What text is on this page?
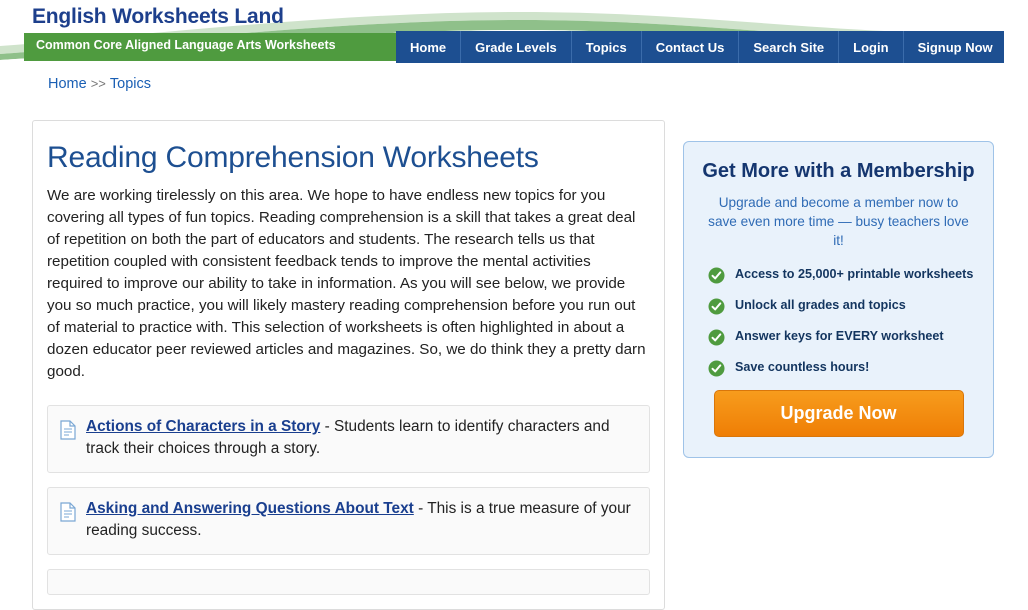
English Worksheets Land
Common Core Aligned Language Arts Worksheets	Home	Grade Levels	Topics	Contact Us	Search Site	Login	Signup Now
Home >> Topics
Reading Comprehension Worksheets

We are working tirelessly on this area. We hope to have endless new topics for you covering all types of fun topics. Reading comprehension is a skill that takes a great deal of repetition on both the part of educators and students. The research tells us that repetition coupled with consistent feedback tends to improve the mental activities required to improve our ability to take in information. As you will see below, we provide you so much practice, you will likely mastery reading comprehension before you run out of material to practice with. This selection of worksheets is often highlighted in about a dozen educator peer reviewed articles and magazines. So, we do think they a pretty darn good.

Actions of Characters in a Story - Students learn to identify characters and track their choices through a story.
Asking and Answering Questions About Text - This is a true measure of your reading success.
Get More with a Membership
Upgrade and become a member now to save even more time — busy teachers love it!
Access to 25,000+ printable worksheets
Unlock all grades and topics
Answer keys for EVERY worksheet
Save countless hours!
Upgrade Now
